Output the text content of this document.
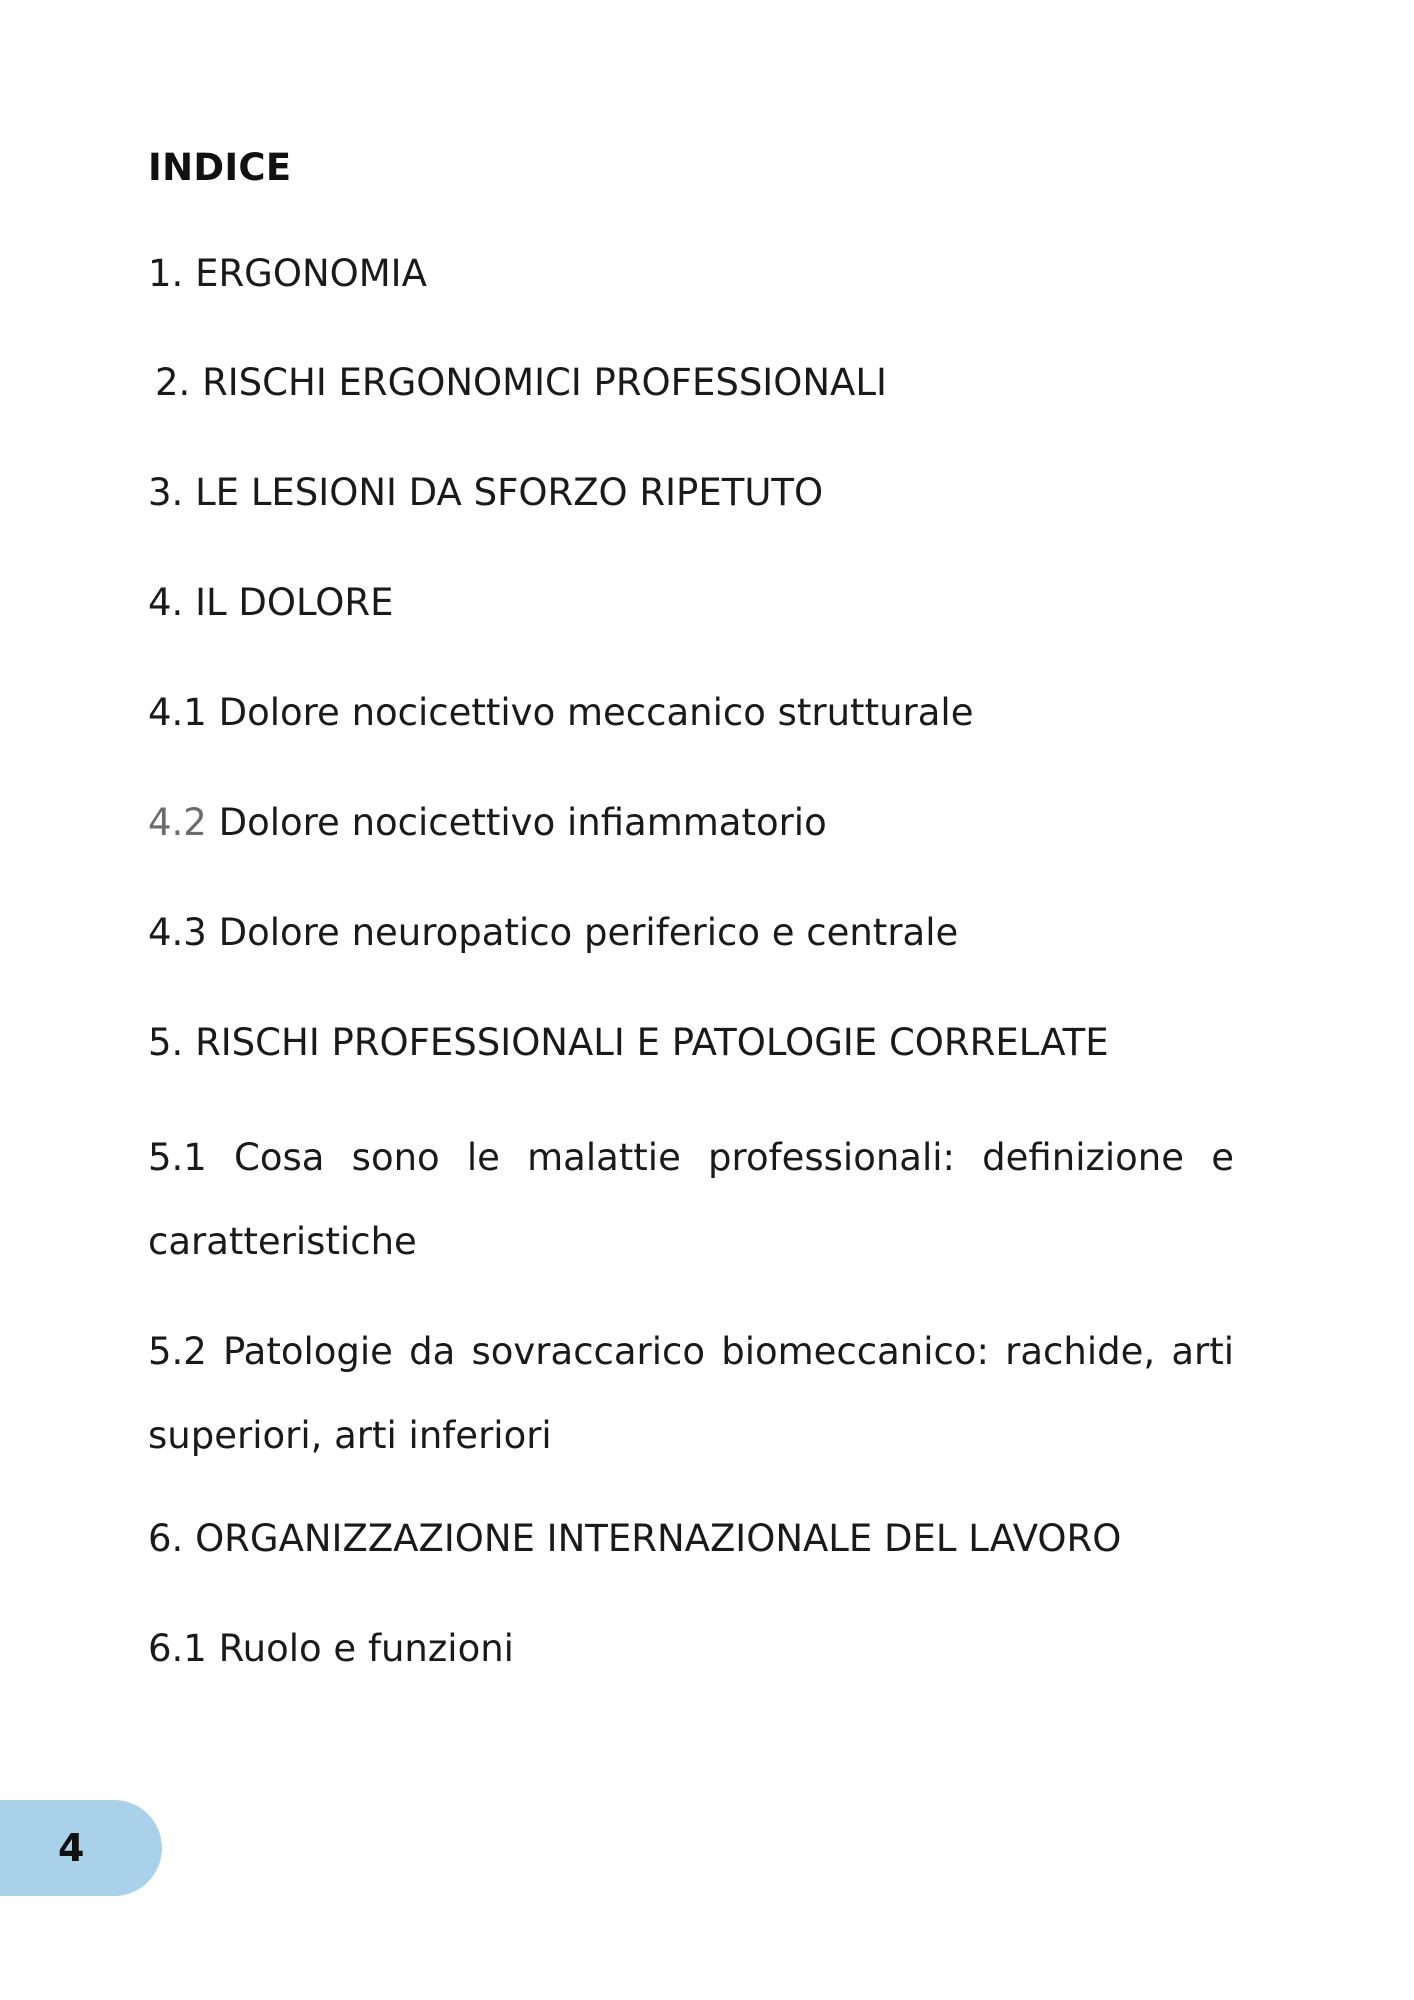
INDICE
1. ERGONOMIA
2. RISCHI ERGONOMICI PROFESSIONALI
3. LE LESIONI DA SFORZO RIPETUTO
4. IL DOLORE
4.1 Dolore nocicettivo meccanico strutturale
4.2 Dolore nocicettivo infiammatorio
4.3 Dolore neuropatico periferico e centrale
5. RISCHI PROFESSIONALI E PATOLOGIE CORRELATE
5.1 Cosa sono le malattie professionali: definizione e caratteristiche
5.2 Patologie da sovraccarico biomeccanico: rachide, arti superiori, arti inferiori
6. ORGANIZZAZIONE INTERNAZIONALE DEL LAVORO
6.1 Ruolo e funzioni
4
